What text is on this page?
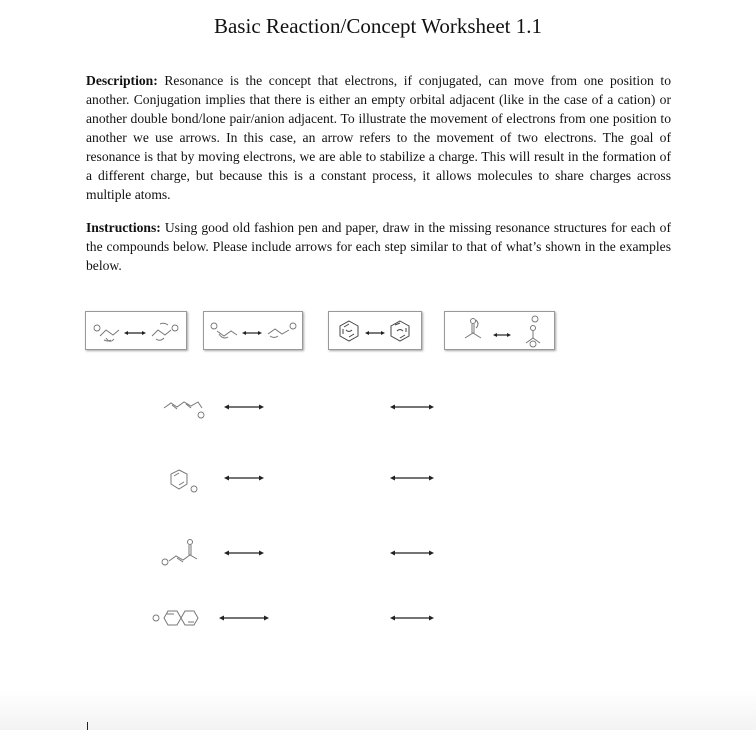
Basic Reaction/Concept Worksheet 1.1

Description: Resonance is the concept that electrons, if conjugated, can move from one position to another. Conjugation implies that there is either an empty orbital adjacent (like in the case of a cation) or another double bond/lone pair/anion adjacent. To illustrate the movement of electrons from one position to another we use arrows. In this case, an arrow refers to the movement of two electrons. The goal of resonance is that by moving electrons, we are able to stabilize a charge. This will result in the formation of a different charge, but because this is a constant process, it allows molecules to share charges across multiple atoms.

Instructions: Using good old fashion pen and paper, draw in the missing resonance structures for each of the compounds below. Please include arrows for each step similar to that of what’s shown in the examples below.
